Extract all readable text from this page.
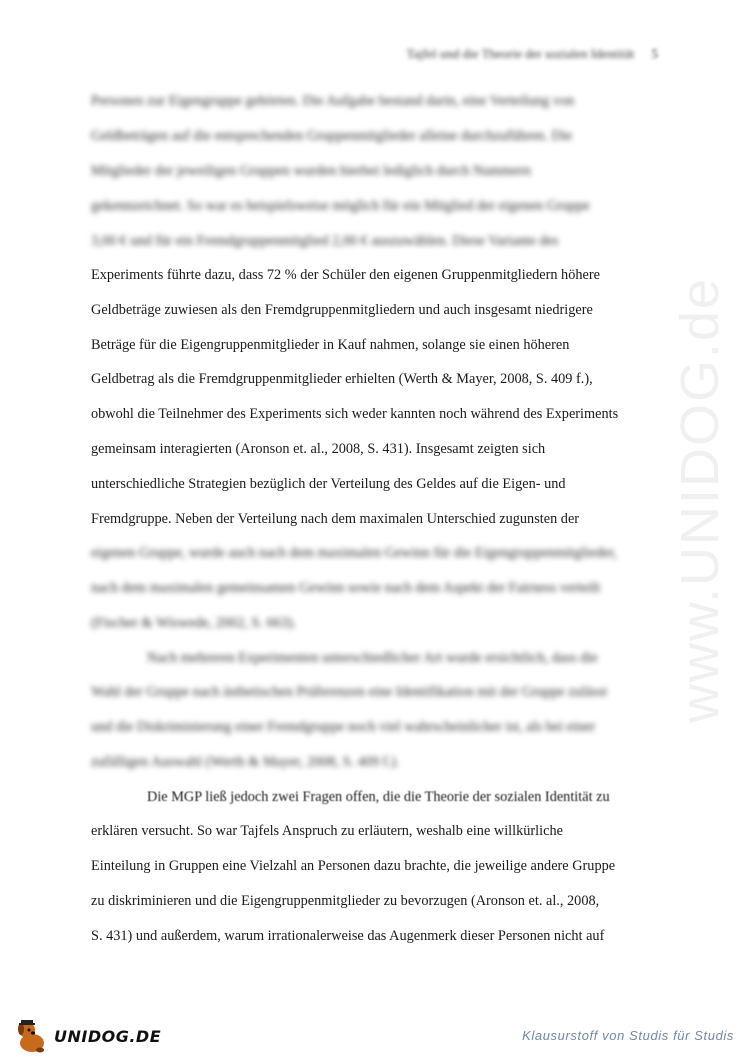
Tajfel und die Theorie der sozialen Identität 5
www.UNIDOG.de
Personen zur Eigengruppe gehörten. Die Aufgabe bestand darin, eine Verteilung von
Geldbeträgen auf die entsprechenden Gruppenmitglieder alleine durchzuführen. Die
Mitglieder der jeweiligen Gruppen wurden hierbei lediglich durch Nummern
gekennzeichnet. So war es beispielsweise möglich für ein Mitglied der eigenen Gruppe
3,00 € und für ein Fremdgruppenmitglied 2,00 € auszuwählen. Diese Variante des
Experiments führte dazu, dass 72 % der Schüler den eigenen Gruppenmitgliedern höhere
Geldbeträge zuwiesen als den Fremdgruppenmitgliedern und auch insgesamt niedrigere
Beträge für die Eigengruppenmitglieder in Kauf nahmen, solange sie einen höheren
Geldbetrag als die Fremdgruppenmitglieder erhielten (Werth & Mayer, 2008, S. 409 f.),
obwohl die Teilnehmer des Experiments sich weder kannten noch während des Experiments
gemeinsam interagierten (Aronson et. al., 2008, S. 431). Insgesamt zeigten sich
unterschiedliche Strategien bezüglich der Verteilung des Geldes auf die Eigen- und
Fremdgruppe. Neben der Verteilung nach dem maximalen Unterschied zugunsten der
eigenen Gruppe, wurde auch nach dem maximalen Gewinn für die Eigengruppenmitglieder,
nach dem maximalen gemeinsamen Gewinn sowie nach dem Aspekt der Fairness verteilt
(Fischer & Wiswede, 2002, S. 663).
Nach mehreren Experimenten unterschiedlicher Art wurde ersichtlich, dass die
Wahl der Gruppe nach ästhetischen Präferenzen eine Identifikation mit der Gruppe zulässt
und die Diskriminierung einer Fremdgruppe noch viel wahrscheinlicher ist, als bei einer
zufälligen Auswahl (Werth & Mayer, 2008, S. 409 f.).
Die MGP ließ jedoch zwei Fragen offen, die die Theorie der sozialen Identität zu
erklären versucht. So war Tajfels Anspruch zu erläutern, weshalb eine willkürliche
Einteilung in Gruppen eine Vielzahl an Personen dazu brachte, die jeweilige andere Gruppe
zu diskriminieren und die Eigengruppenmitglieder zu bevorzugen (Aronson et. al., 2008,
S. 431) und außerdem, warum irrationalerweise das Augenmerk dieser Personen nicht auf
UNIDOG.DE	Klausurstoff von Studis für Studis
